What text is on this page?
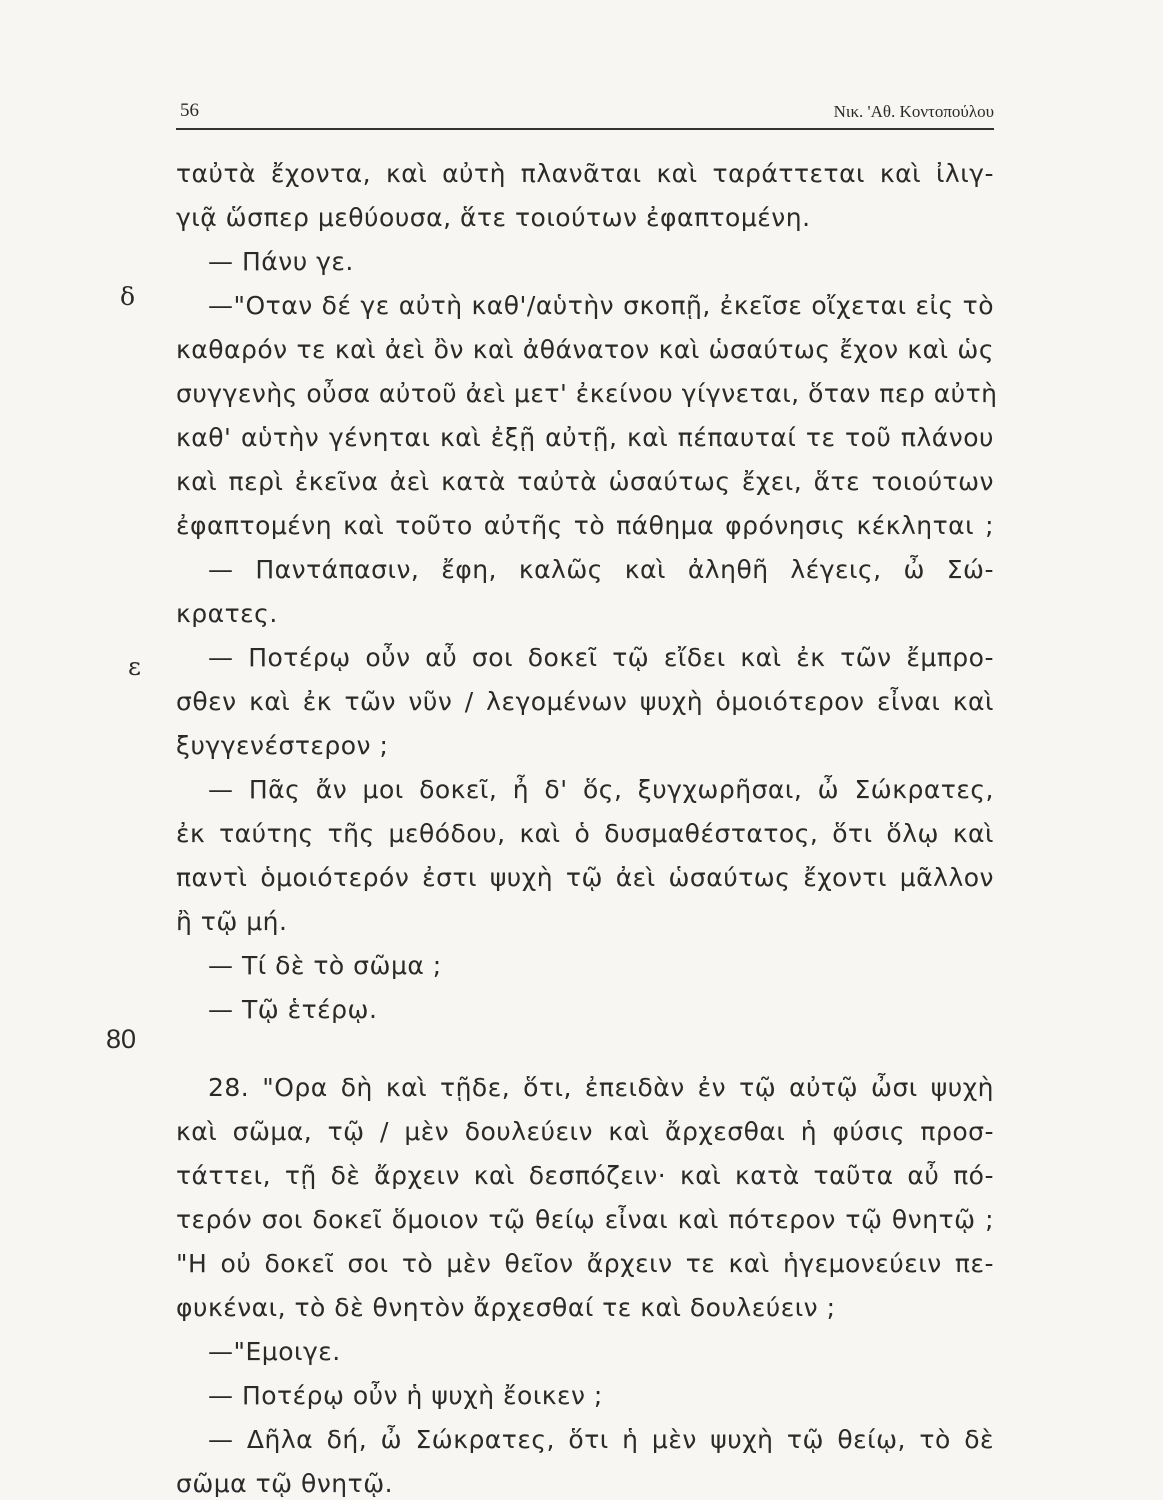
56	Νικ. 'Αθ. Κοντοπούλου
δ
ε
80
ταὐτὰ ἔχοντα, καὶ αὐτὴ πλανᾶται καὶ ταράττεται καὶ ἰλιγ-
γιᾷ ὥσπερ μεθύουσα, ἅτε τοιούτων ἐφαπτομένη.
— Πάνυ γε.
—"Οταν δέ γε αὐτὴ καθ'/αὑτὴν σκοπῇ, ἐκεῖσε οἴχεται εἰς τὸ
καθαρόν τε καὶ ἀεὶ ὂν καὶ ἀθάνατον καὶ ὡσαύτως ἔχον καὶ ὡς
συγγενὴς οὖσα αὐτοῦ ἀεὶ μετ' ἐκείνου γίγνεται, ὅταν περ αὐτὴ
καθ' αὑτὴν γένηται καὶ ἐξῇ αὐτῇ, καὶ πέπαυταί τε τοῦ πλάνου
καὶ περὶ ἐκεῖνα ἀεὶ κατὰ ταὐτὰ ὡσαύτως ἔχει, ἅτε τοιούτων
ἐφαπτομένη καὶ τοῦτο αὐτῆς τὸ πάθημα φρόνησις κέκληται ;
— Παντάπασιν, ἔφη, καλῶς καὶ ἀληθῆ λέγεις, ὦ Σώ-
κρατες.
— Ποτέρῳ οὖν αὖ σοι δοκεῖ τῷ εἴδει καὶ ἐκ τῶν ἔμπρο-
σθεν καὶ ἐκ τῶν νῦν / λεγομένων ψυχὴ ὁμοιότερον εἶναι καὶ
ξυγγενέστερον ;
— Πᾶς ἄν μοι δοκεῖ, ἦ δ' ὅς, ξυγχωρῆσαι, ὦ Σώκρατες,
ἐκ ταύτης τῆς μεθόδου, καὶ ὁ δυσμαθέστατος, ὅτι ὅλῳ καὶ
παντὶ ὁμοιότερόν ἐστι ψυχὴ τῷ ἀεὶ ὡσαύτως ἔχοντι μᾶλλον
ἢ τῷ μή.
— Τί δὲ τὸ σῶμα ;
— Τῷ ἑτέρῳ.
28. "Ορα δὴ καὶ τῇδε, ὅτι, ἐπειδὰν ἐν τῷ αὐτῷ ὦσι ψυχὴ
καὶ σῶμα, τῷ / μὲν δουλεύειν καὶ ἄρχεσθαι ἡ φύσις προσ-
τάττει, τῇ δὲ ἄρχειν καὶ δεσπόζειν· καὶ κατὰ ταῦτα αὖ πό-
τερόν σοι δοκεῖ ὅμοιον τῷ θείῳ εἶναι καὶ πότερον τῷ θνητῷ ;
"Η οὐ δοκεῖ σοι τὸ μὲν θεῖον ἄρχειν τε καὶ ἡγεμονεύειν πε-
φυκέναι, τὸ δὲ θνητὸν ἄρχεσθαί τε καὶ δουλεύειν ;
—"Εμοιγε.
— Ποτέρῳ οὖν ἡ ψυχὴ ἔοικεν ;
— Δῆλα δή, ὦ Σώκρατες, ὅτι ἡ μὲν ψυχὴ τῷ θείῳ, τὸ δὲ
σῶμα τῷ θνητῷ.
